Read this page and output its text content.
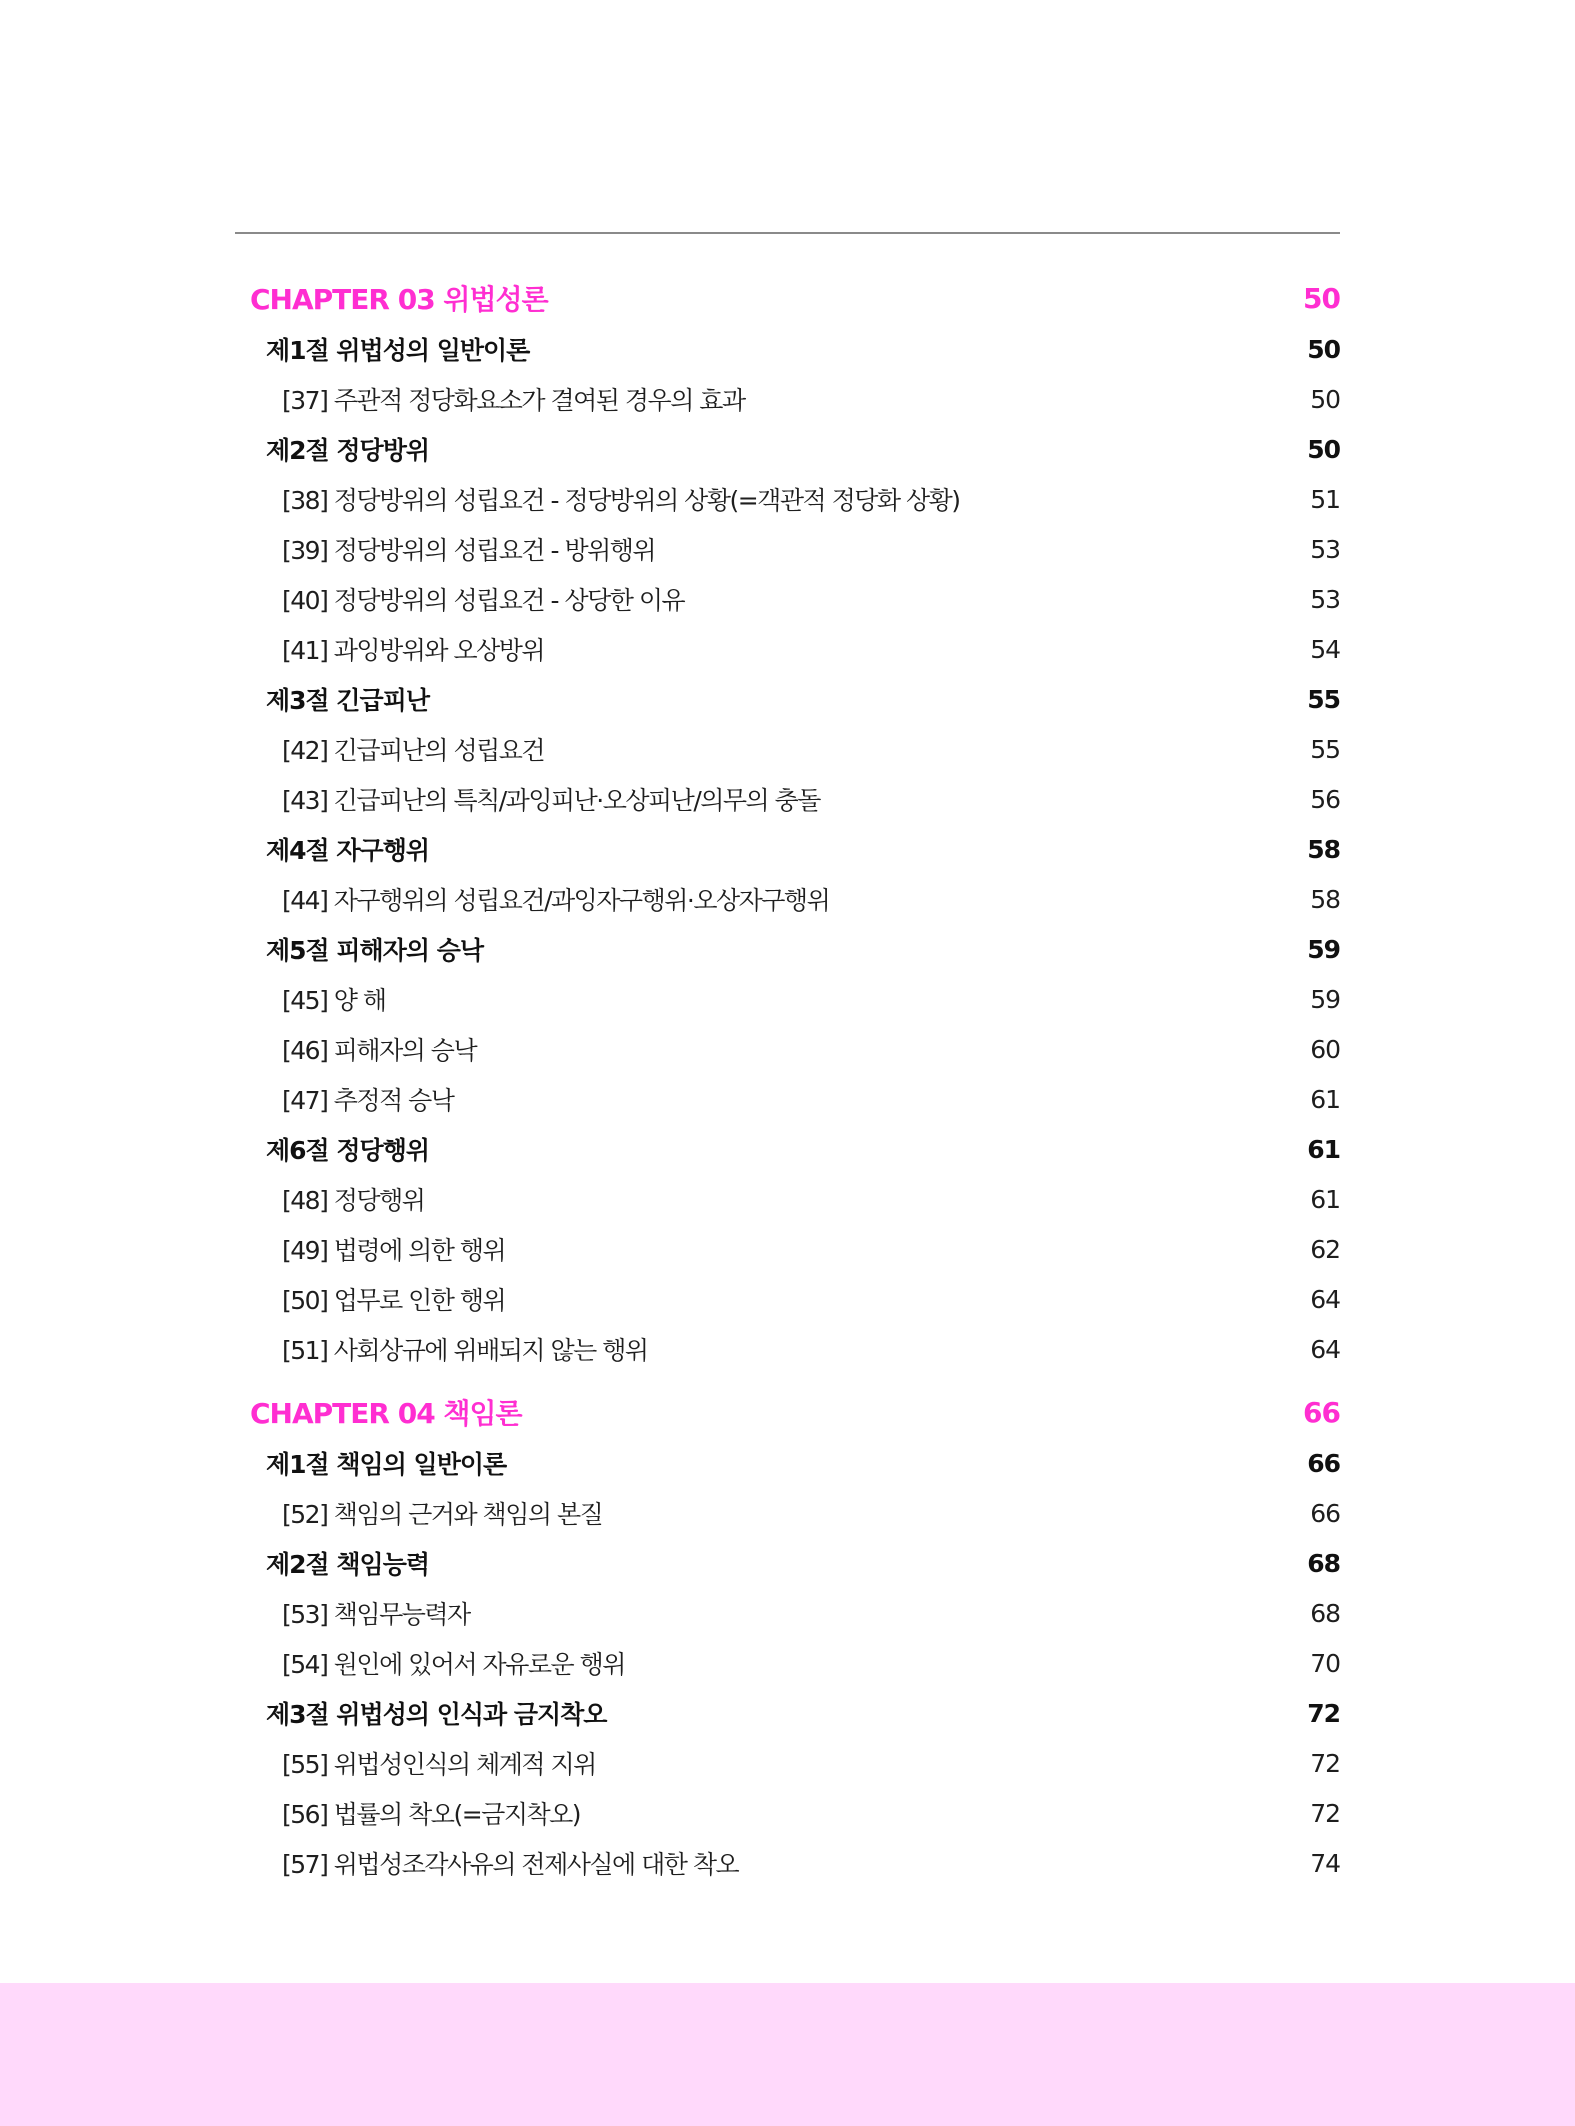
CHAPTER 03 위법성론	50
제1절 위법성의 일반이론	50
[37] 주관적 정당화요소가 결여된 경우의 효과	50
제2절 정당방위	50
[38] 정당방위의 성립요건 - 정당방위의 상황(=객관적 정당화 상황)	51
[39] 정당방위의 성립요건 - 방위행위	53
[40] 정당방위의 성립요건 - 상당한 이유	53
[41] 과잉방위와 오상방위	54
제3절 긴급피난	55
[42] 긴급피난의 성립요건	55
[43] 긴급피난의 특칙/과잉피난·오상피난/의무의 충돌	56
제4절 자구행위	58
[44] 자구행위의 성립요건/과잉자구행위·오상자구행위	58
제5절 피해자의 승낙	59
[45] 양 해	59
[46] 피해자의 승낙	60
[47] 추정적 승낙	61
제6절 정당행위	61
[48] 정당행위	61
[49] 법령에 의한 행위	62
[50] 업무로 인한 행위	64
[51] 사회상규에 위배되지 않는 행위	64
CHAPTER 04 책임론	66
제1절 책임의 일반이론	66
[52] 책임의 근거와 책임의 본질	66
제2절 책임능력	68
[53] 책임무능력자	68
[54] 원인에 있어서 자유로운 행위	70
제3절 위법성의 인식과 금지착오	72
[55] 위법성인식의 체계적 지위	72
[56] 법률의 착오(=금지착오)	72
[57] 위법성조각사유의 전제사실에 대한 착오	74
